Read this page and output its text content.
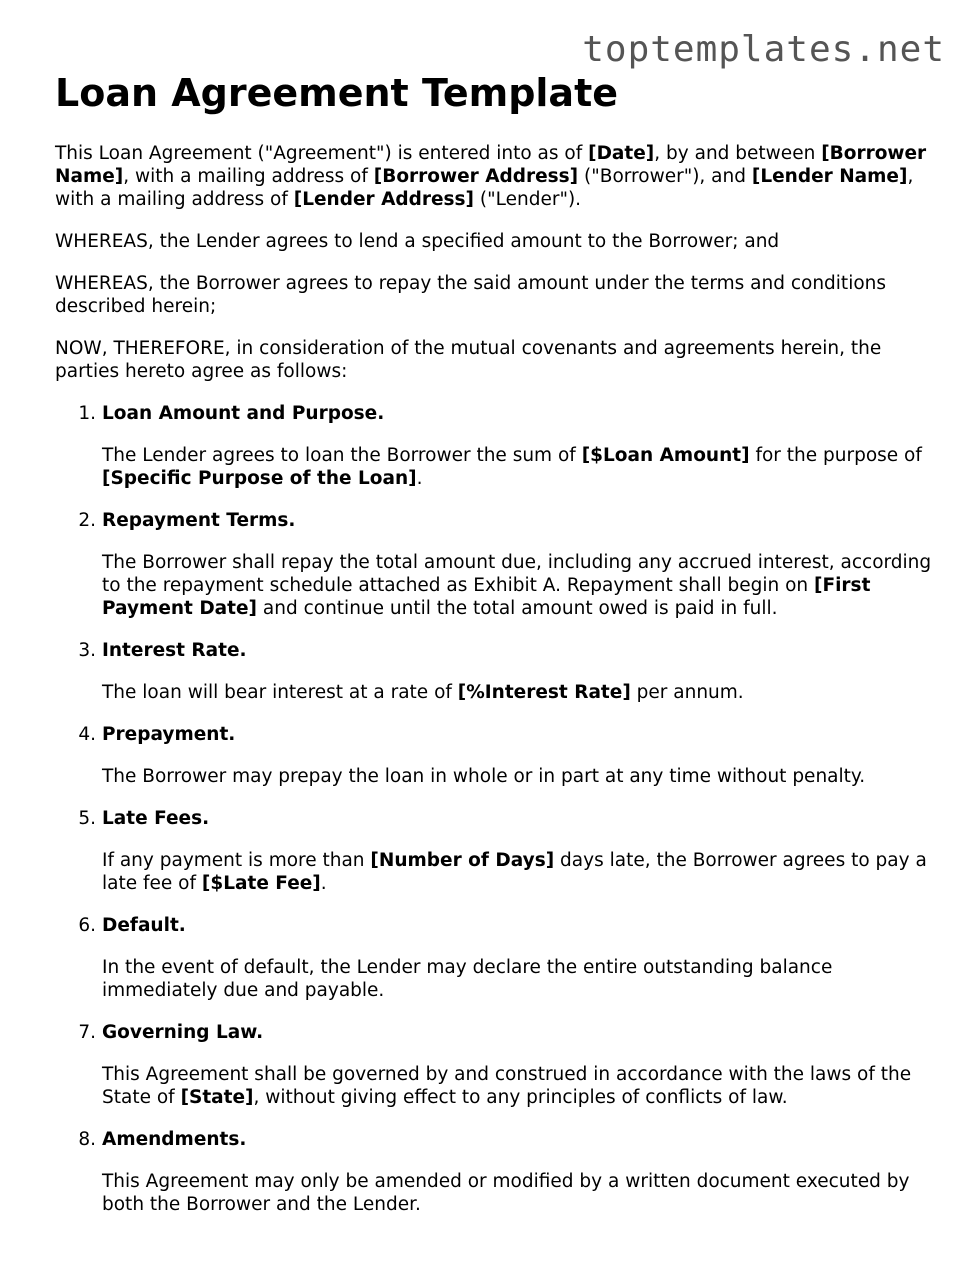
toptemplates.net
Loan Agreement Template

This Loan Agreement ("Agreement") is entered into as of [Date], by and between [Borrower Name], with a mailing address of [Borrower Address] ("Borrower"), and [Lender Name], with a mailing address of [Lender Address] ("Lender").

WHEREAS, the Lender agrees to lend a specified amount to the Borrower; and

WHEREAS, the Borrower agrees to repay the said amount under the terms and conditions described herein;

NOW, THEREFORE, in consideration of the mutual covenants and agreements herein, the parties hereto agree as follows:

1. Loan Amount and Purpose.

The Lender agrees to loan the Borrower the sum of [$Loan Amount] for the purpose of [Specific Purpose of the Loan].

2. Repayment Terms.

The Borrower shall repay the total amount due, including any accrued interest, according to the repayment schedule attached as Exhibit A. Repayment shall begin on [First Payment Date] and continue until the total amount owed is paid in full.

3. Interest Rate.

The loan will bear interest at a rate of [%Interest Rate] per annum.

4. Prepayment.

The Borrower may prepay the loan in whole or in part at any time without penalty.

5. Late Fees.

If any payment is more than [Number of Days] days late, the Borrower agrees to pay a late fee of [$Late Fee].

6. Default.

In the event of default, the Lender may declare the entire outstanding balance immediately due and payable.

7. Governing Law.

This Agreement shall be governed by and construed in accordance with the laws of the State of [State], without giving effect to any principles of conflicts of law.

8. Amendments.

This Agreement may only be amended or modified by a written document executed by both the Borrower and the Lender.
